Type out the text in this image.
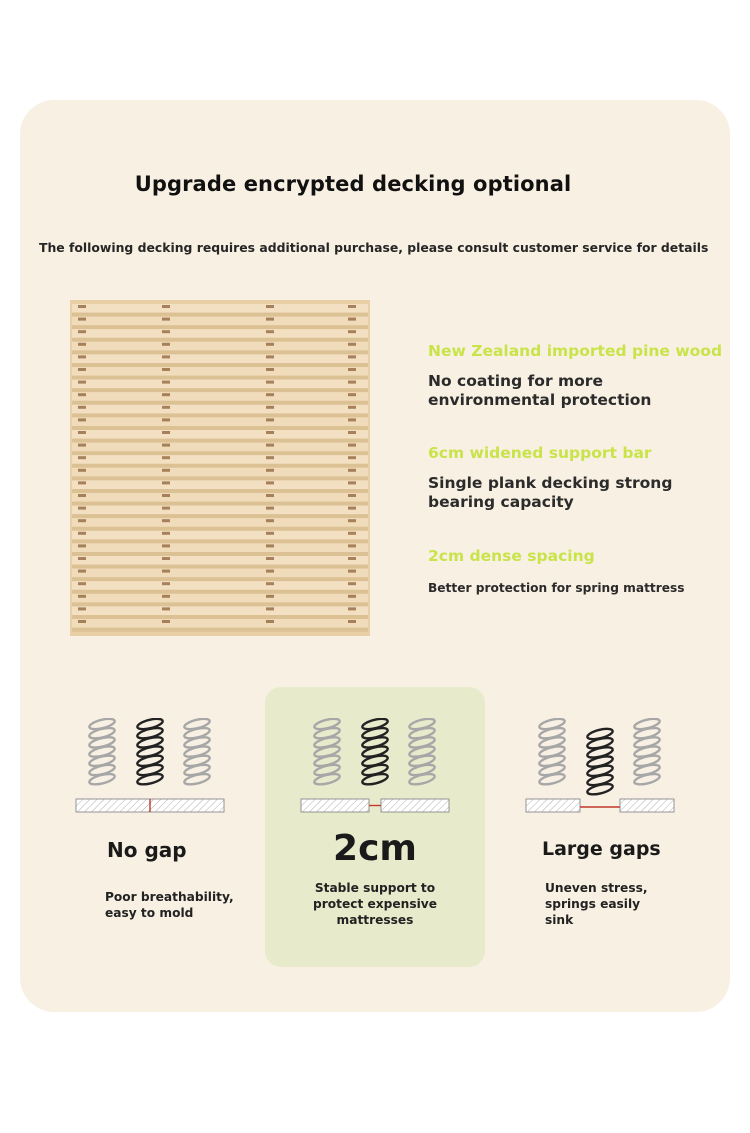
Upgrade encrypted decking optional
The following decking requires additional purchase, please consult customer service for details
New Zealand imported pine wood
No coating for more
environmental protection
6cm widened support bar
Single plank decking strong
bearing capacity
2cm dense spacing
Better protection for spring mattress
No gap	2cm	Large gaps
Poor breathability,
easy to mold
Stable support to
protect expensive
mattresses
Uneven stress,
springs easily
sink
